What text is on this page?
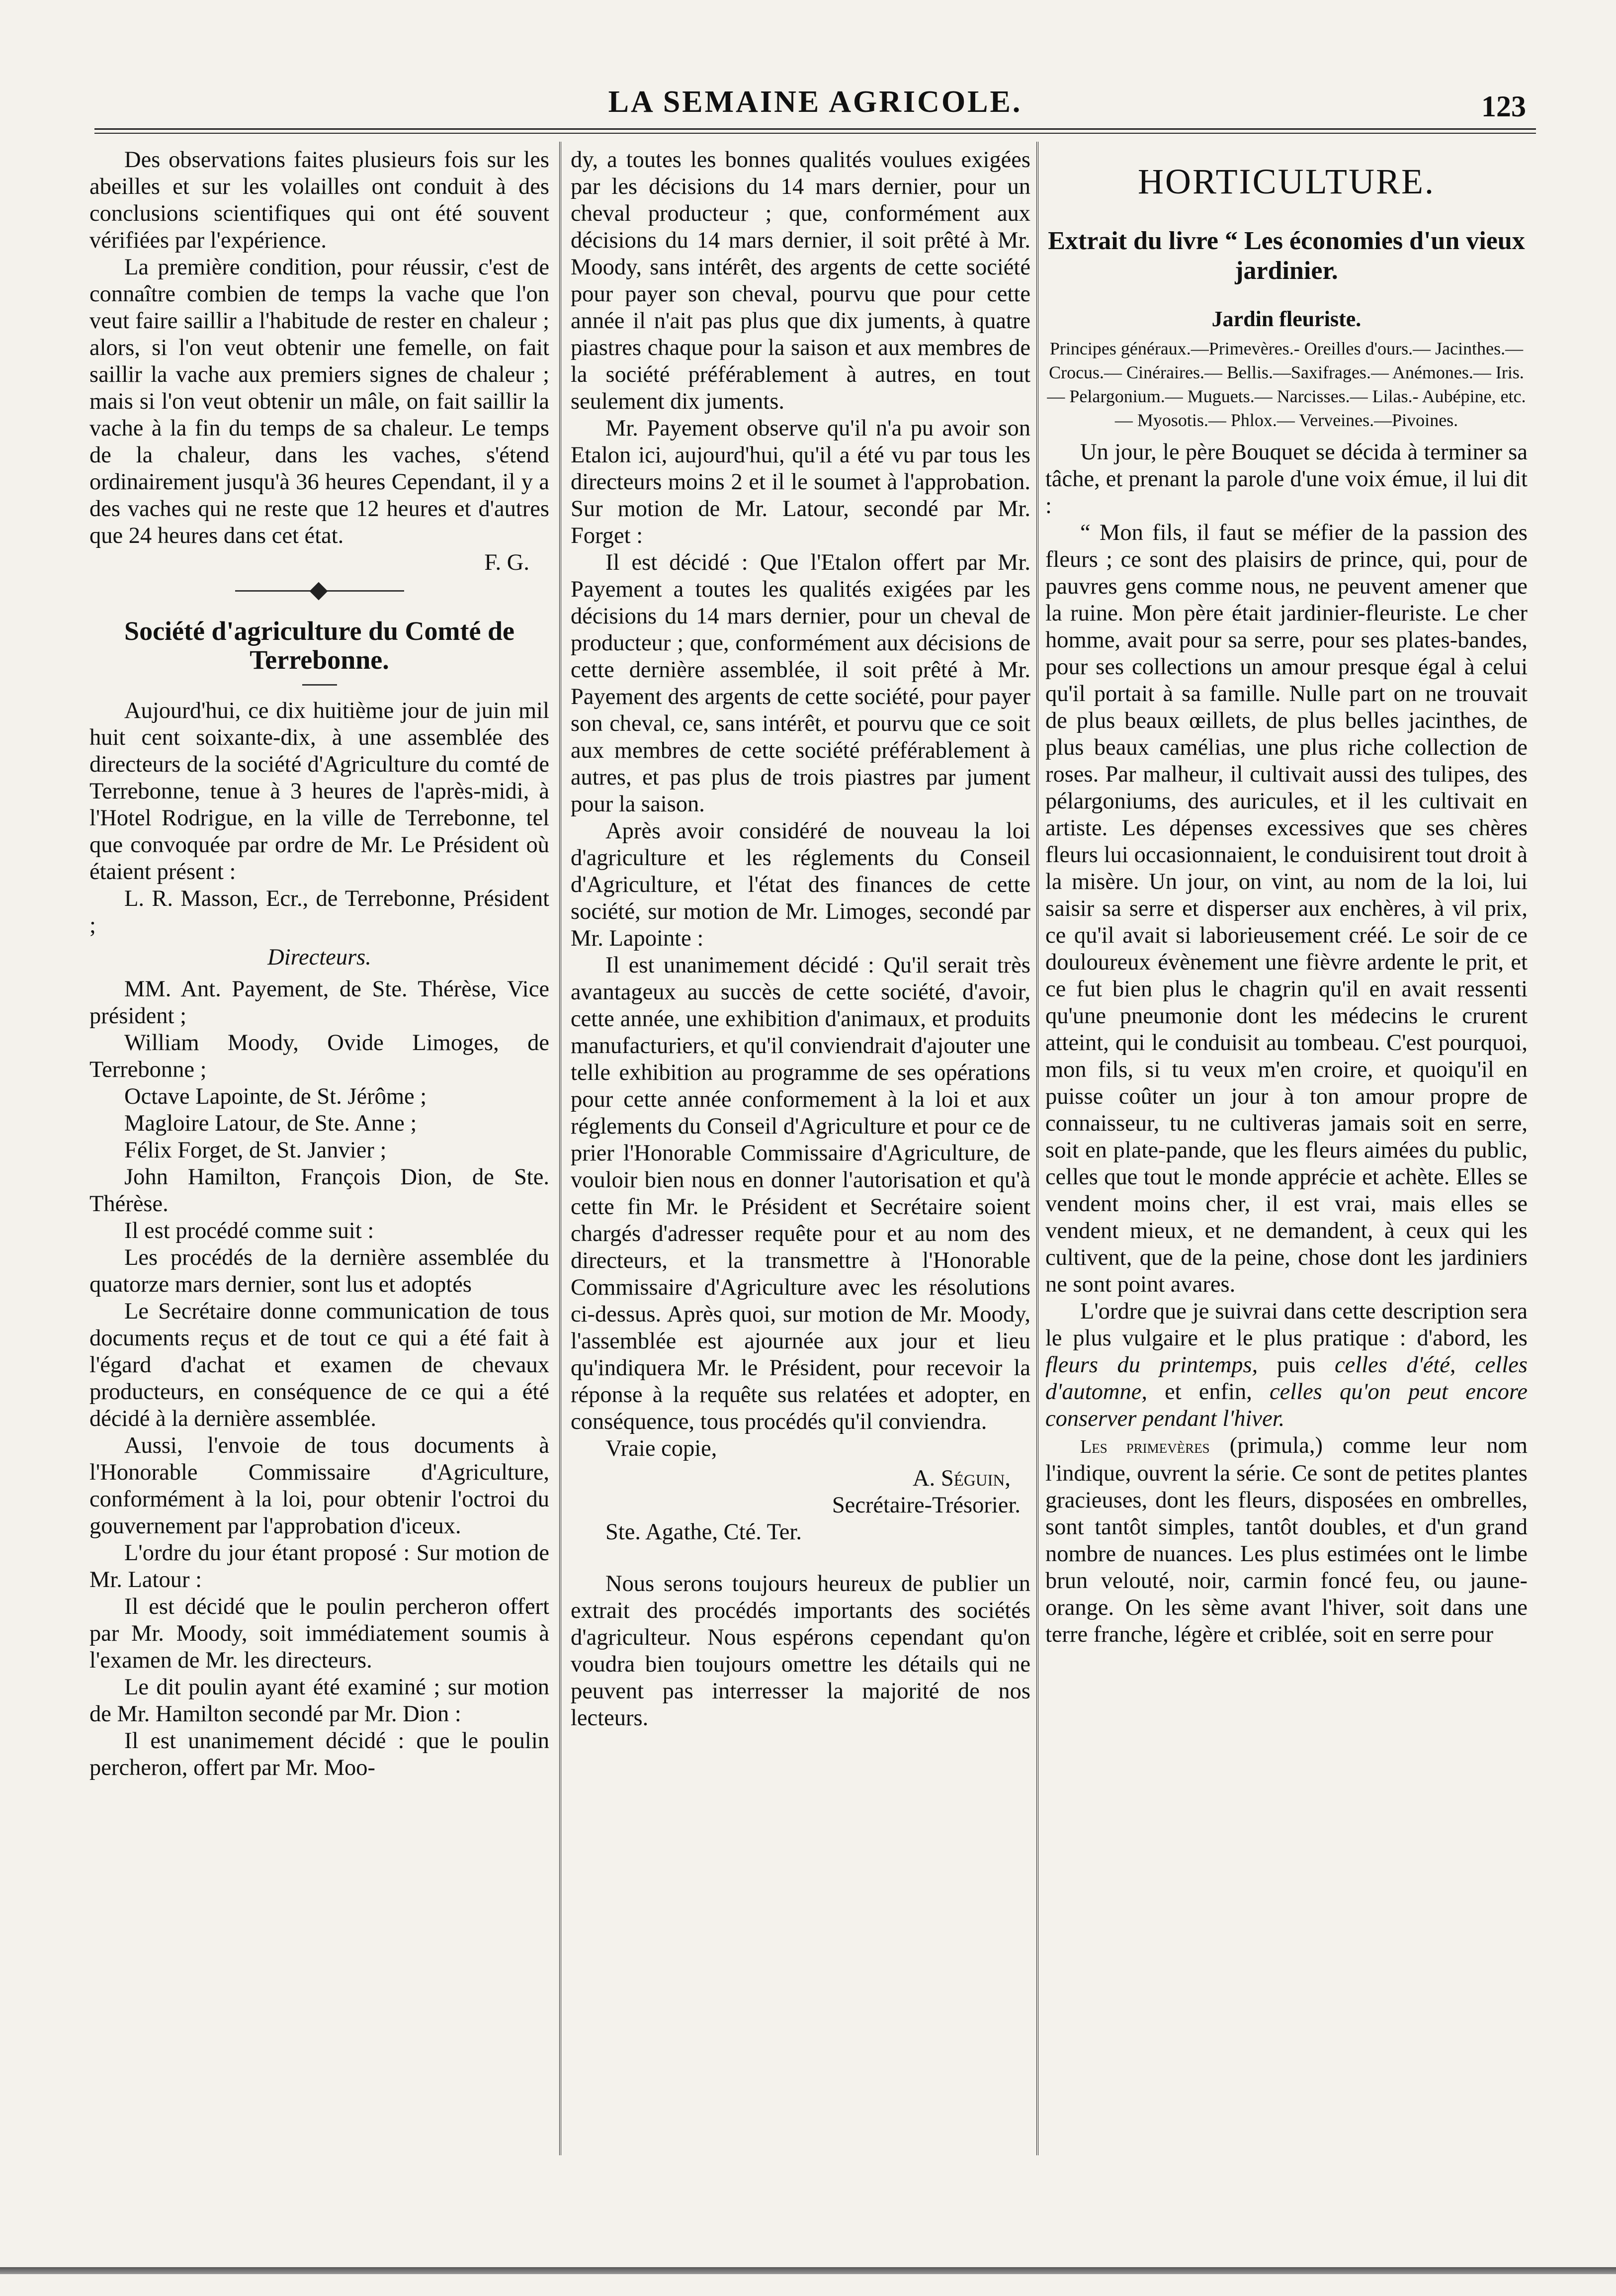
LA SEMAINE AGRICOLE.	123

Des observations faites plusieurs fois sur les abeilles et sur les volailles ont conduit à des conclusions scientifiques qui ont été souvent vérifiées par l'expérience.

La première condition, pour réussir, c'est de connaître combien de temps la vache que l'on veut faire saillir a l'habitude de rester en chaleur ; alors, si l'on veut obtenir une femelle, on fait saillir la vache aux premiers signes de chaleur ; mais si l'on veut obtenir un mâle, on fait saillir la vache à la fin du temps de sa chaleur. Le temps de la chaleur, dans les vaches, s'étend ordinairement jusqu'à 36 heures Cependant, il y a des vaches qui ne reste que 12 heures et d'autres que 24 heures dans cet état.

F. G.

Société d'agriculture du Comté de Terrebonne.

Aujourd'hui, ce dix huitième jour de juin mil huit cent soixante-dix, à une assemblée des directeurs de la société d'Agriculture du comté de Terrebonne, tenue à 3 heures de l'après-midi, à l'Hotel Rodrigue, en la ville de Terrebonne, tel que convoquée par ordre de Mr. Le Président où étaient présent :

L. R. Masson, Ecr., de Terrebonne, Président ;

Directeurs.

MM. Ant. Payement, de Ste. Thérèse, Vice président ;

William Moody, Ovide Limoges, de Terrebonne ;

Octave Lapointe, de St. Jérôme ;

Magloire Latour, de Ste. Anne ;

Félix Forget, de St. Janvier ;

John Hamilton, François Dion, de Ste. Thérèse.

Il est procédé comme suit :

Les procédés de la dernière assemblée du quatorze mars dernier, sont lus et adoptés

Le Secrétaire donne communication de tous documents reçus et de tout ce qui a été fait à l'égard d'achat et examen de chevaux producteurs, en conséquence de ce qui a été décidé à la dernière assemblée.

Aussi, l'envoie de tous documents à l'Honorable Commissaire d'Agriculture, conformément à la loi, pour obtenir l'octroi du gouvernement par l'approbation d'iceux.

L'ordre du jour étant proposé : Sur motion de Mr. Latour :

Il est décidé que le poulin percheron offert par Mr. Moody, soit immédiatement soumis à l'examen de Mr. les directeurs.

Le dit poulin ayant été examiné ; sur motion de Mr. Hamilton secondé par Mr. Dion :

Il est unanimement décidé : que le poulin percheron, offert par Mr. Moo-

dy, a toutes les bonnes qualités voulues exigées par les décisions du 14 mars dernier, pour un cheval producteur ; que, conformément aux décisions du 14 mars dernier, il soit prêté à Mr. Moody, sans intérêt, des argents de cette société pour payer son cheval, pourvu que pour cette année il n'ait pas plus que dix juments, à quatre piastres chaque pour la saison et aux membres de la société préférablement à autres, en tout seulement dix juments.

Mr. Payement observe qu'il n'a pu avoir son Etalon ici, aujourd'hui, qu'il a été vu par tous les directeurs moins 2 et il le soumet à l'approbation. Sur motion de Mr. Latour, secondé par Mr. Forget :

Il est décidé : Que l'Etalon offert par Mr. Payement a toutes les qualités exigées par les décisions du 14 mars dernier, pour un cheval de producteur ; que, conformément aux décisions de cette dernière assemblée, il soit prêté à Mr. Payement des argents de cette société, pour payer son cheval, ce, sans intérêt, et pourvu que ce soit aux membres de cette société préférablement à autres, et pas plus de trois piastres par jument pour la saison.

Après avoir considéré de nouveau la loi d'agriculture et les réglements du Conseil d'Agriculture, et l'état des finances de cette société, sur motion de Mr. Limoges, secondé par Mr. Lapointe :

Il est unanimement décidé : Qu'il serait très avantageux au succès de cette société, d'avoir, cette année, une exhibition d'animaux, et produits manufacturiers, et qu'il conviendrait d'ajouter une telle exhibition au programme de ses opérations pour cette année conformement à la loi et aux réglements du Conseil d'Agriculture et pour ce de prier l'Honorable Commissaire d'Agriculture, de vouloir bien nous en donner l'autorisation et qu'à cette fin Mr. le Président et Secrétaire soient chargés d'adresser requête pour et au nom des directeurs, et la transmettre à l'Honorable Commissaire d'Agriculture avec les résolutions ci-dessus. Après quoi, sur motion de Mr. Moody, l'assemblée est ajournée aux jour et lieu qu'indiquera Mr. le Président, pour recevoir la réponse à la requête sus relatées et adopter, en conséquence, tous procédés qu'il conviendra.

Vraie copie,

A. Séguin,

Secrétaire-Trésorier.

Ste. Agathe, Cté. Ter.

Nous serons toujours heureux de publier un extrait des procédés importants des sociétés d'agriculteur. Nous espérons cependant qu'on voudra bien toujours omettre les détails qui ne peuvent pas interresser la majorité de nos lecteurs.

HORTICULTURE.
Extrait du livre “ Les économies d'un vieux jardinier.
Jardin fleuriste.
Principes généraux.—Primevères.- Oreilles d'ours.— Jacinthes.— Crocus.— Cinéraires.— Bellis.—Saxifrages.— Anémones.— Iris.— Pelargonium.— Muguets.— Narcisses.— Lilas.- Aubépine, etc.— Myosotis.— Phlox.— Verveines.—Pivoines.

Un jour, le père Bouquet se décida à terminer sa tâche, et prenant la parole d'une voix émue, il lui dit :

“ Mon fils, il faut se méfier de la passion des fleurs ; ce sont des plaisirs de prince, qui, pour de pauvres gens comme nous, ne peuvent amener que la ruine. Mon père était jardinier-fleuriste. Le cher homme, avait pour sa serre, pour ses plates-bandes, pour ses collections un amour presque égal à celui qu'il portait à sa famille. Nulle part on ne trouvait de plus beaux œillets, de plus belles jacinthes, de plus beaux camélias, une plus riche collection de roses. Par malheur, il cultivait aussi des tulipes, des pélargoniums, des auricules, et il les cultivait en artiste. Les dépenses excessives que ses chères fleurs lui occasionnaient, le conduisirent tout droit à la misère. Un jour, on vint, au nom de la loi, lui saisir sa serre et disperser aux enchères, à vil prix, ce qu'il avait si laborieusement créé. Le soir de ce douloureux évènement une fièvre ardente le prit, et ce fut bien plus le chagrin qu'il en avait ressenti qu'une pneumonie dont les médecins le crurent atteint, qui le conduisit au tombeau. C'est pourquoi, mon fils, si tu veux m'en croire, et quoiqu'il en puisse coûter un jour à ton amour propre de connaisseur, tu ne cultiveras jamais soit en serre, soit en plate-pande, que les fleurs aimées du public, celles que tout le monde apprécie et achète. Elles se vendent moins cher, il est vrai, mais elles se vendent mieux, et ne demandent, à ceux qui les cultivent, que de la peine, chose dont les jardiniers ne sont point avares.

L'ordre que je suivrai dans cette description sera le plus vulgaire et le plus pratique : d'abord, les fleurs du printemps, puis celles d'été, celles d'automne, et enfin, celles qu'on peut encore conserver pendant l'hiver.

Les primevères (primula,) comme leur nom l'indique, ouvrent la série. Ce sont de petites plantes gracieuses, dont les fleurs, disposées en ombrelles, sont tantôt simples, tantôt doubles, et d'un grand nombre de nuances. Les plus estimées ont le limbe brun velouté, noir, carmin foncé feu, ou jaune-orange. On les sème avant l'hiver, soit dans une terre franche, légère et criblée, soit en serre pour
